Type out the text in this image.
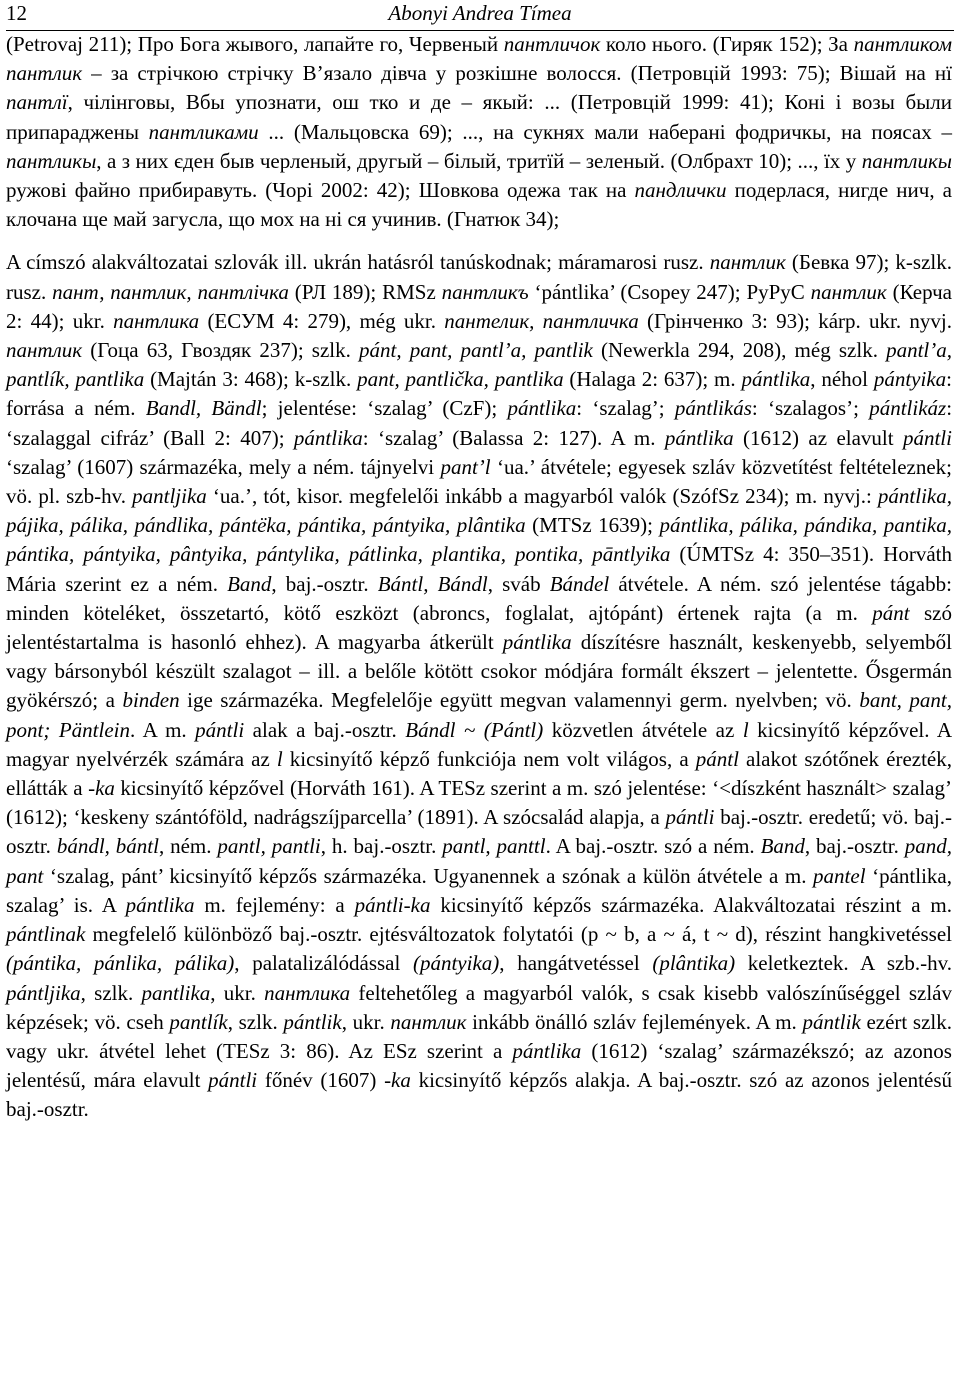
12	Abonyi Andrea Tímea

(Petrovaj 211); Про Бога жывого, лапайте го, Червеный пантличок коло нього. (Гиряк 152); За пантликом пантлик – за стрічкою стрічку В’язало дівча у розкішне волосся. (Петровцій 1993: 75); Вішай на нї пантлї, чілінговы, Вбы упознати, ош тко и де – якый: ... (Петровцій 1999: 41); Коні і возы были припараджены пантликами ... (Мальцовска 69); ..., на сукнях мали наберані фодричкы, на поясах – пантликы, а з них єден быв черленый, другый – білый, тритїй – зеленый. (Олбрахт 10); ..., їх у пантликы ружові файно прибиравуть. (Чорі 2002: 42); Шовкова одежа так на пандлички подерлася, нигде нич, а клочана ще май загусла, що мох на ні ся учинив. (Гнатюк 34);

A címszó alakváltozatai szlovák ill. ukrán hatásról tanúskodnak; máramarosi rusz. пантлик (Бевка 97); k-szlk. rusz. пант, пантлик, пантлічка (РЛ 189); RMSz пантликъ ‘pántlika’ (Csopey 247); РуРуС пантлик (Керча 2: 44); ukr. пантлика (ЕСУМ 4: 279), még ukr. пантелик, пантличка (Грінченко 3: 93); kárp. ukr. nyvj. пантлик (Гоца 63, Гвоздяк 237); szlk. pánt, pant, pantl’a, pantlik (Newerkla 294, 208), még szlk. pantl’a, pantlík, pantlika (Majtán 3: 468); k-szlk. pant, pantlička, pantlika (Halaga 2: 637); m. pántlika, néhol pántyika: forrása a ném. Bandl, Bändl; jelentése: ‘szalag’ (CzF); pántlika: ‘szalag’; pántlikás: ‘szalagos’; pántlikáz: ‘szalaggal cifráz’ (Ball 2: 407); pántlika: ‘szalag’ (Balassa 2: 127). A m. pántlika (1612) az elavult pántli ‘szalag’ (1607) származéka, mely a ném. tájnyelvi pant’l ‘ua.’ átvétele; egyesek szláv közvetítést feltételeznek; vö. pl. szb-hv. pantljika ‘ua.’, tót, kisor. megfelelői inkább a magyarból valók (SzófSz 234); m. nyvj.: pántlika, pájika, pálika, pándlika, pántëka, pántika, pántyika, plântika (MTSz 1639); pántlika, pálika, pándika, pantika, pántika, pántyika, pântyika, pántylika, pátlinka, plantika, pontika, pāntlyika (ÚMTSz 4: 350–351). Horváth Mária szerint ez a ném. Band, baj.-osztr. Bántl, Bándl, sváb Bándel átvétele. A ném. szó jelentése tágabb: minden köteléket, összetartó, kötő eszközt (abroncs, foglalat, ajtópánt) értenek rajta (a m. pánt szó jelentéstartalma is hasonló ehhez). A magyarba átkerült pántlika díszítésre használt, keskenyebb, selyemből vagy bársonyból készült szalagot – ill. a belőle kötött csokor módjára formált ékszert – jelentette. Ősgermán gyökérszó; a binden ige származéka. Megfelelője együtt megvan valamennyi germ. nyelvben; vö. bant, pant, pont; Päntlein. A m. pántli alak a baj.-osztr. Bándl ~ (Pántl) közvetlen átvétele az l kicsinyítő képzővel. A magyar nyelvérzék számára az l kicsinyítő képző funkciója nem volt világos, a pántl alakot szótőnek érezték, ellátták a -ka kicsinyítő képzővel (Horváth 161). A TESz szerint a m. szó jelentése: ‘<díszként használt> szalag’ (1612); ‘keskeny szántóföld, nadrágszíjparcella’ (1891). A szócsalád alapja, a pántli baj.-osztr. eredetű; vö. baj.-osztr. bándl, bántl, ném. pantl, pantli, h. baj.-osztr. pantl, panttl. A baj.-osztr. szó a ném. Band, baj.-osztr. pand, pant ‘szalag, pánt’ kicsinyítő képzős származéka. Ugyanennek a szónak a külön átvétele a m. pantel ‘pántlika, szalag’ is. A pántlika m. fejlemény: a pántli-ka kicsinyítő képzős származéka. Alakváltozatai részint a m. pántlinak megfelelő különböző baj.-osztr. ejtésváltozatok folytatói (p ~ b, a ~ á, t ~ d), részint hangkivetéssel (pántika, pánlika, pálika), palatalizálódással (pántyika), hangátvetéssel (plântika) keletkeztek. A szb.-hv. pántljika, szlk. pantlika, ukr. пантлика feltehetőleg a magyarból valók, s csak kisebb valószínűséggel szláv képzések; vö. cseh pantlík, szlk. pántlik, ukr. пантлик inkább önálló szláv fejlemények. A m. pántlik ezért szlk. vagy ukr. átvétel lehet (TESz 3: 86). Az ESz szerint a pántlika (1612) ‘szalag’ származékszó; az azonos jelentésű, mára elavult pántli főnév (1607) -ka kicsinyítő képzős alakja. A baj.-osztr. szó az azonos jelentésű baj.-osztr.
